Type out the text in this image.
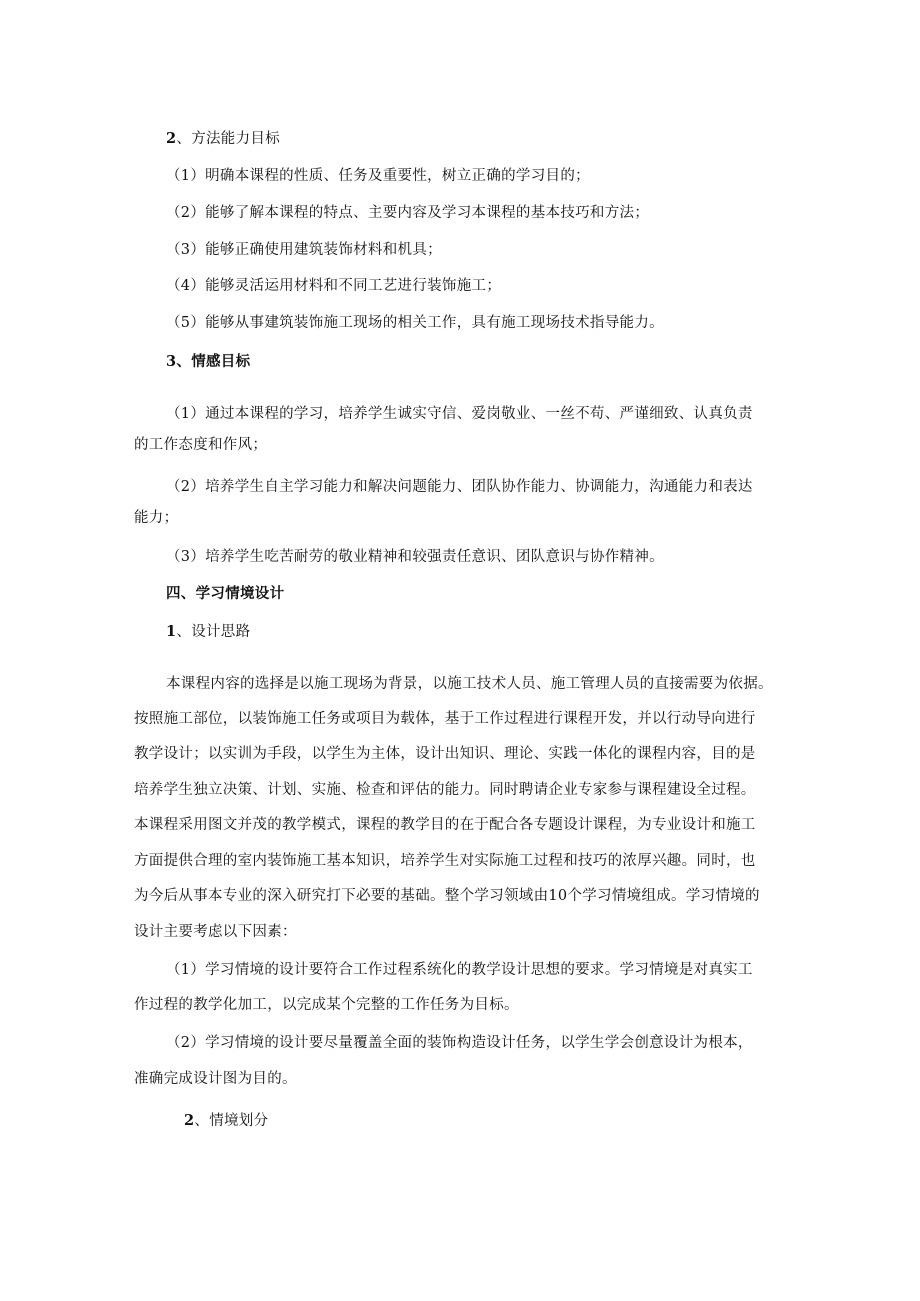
2、方法能力目标
（1）明确本课程的性质、任务及重要性，树立正确的学习目的；
（2）能够了解本课程的特点、主要内容及学习本课程的基本技巧和方法；
（3）能够正确使用建筑装饰材料和机具；
（4）能够灵活运用材料和不同工艺进行装饰施工；
（5）能够从事建筑装饰施工现场的相关工作，具有施工现场技术指导能力。
3、情感目标
（1）通过本课程的学习，培养学生诚实守信、爱岗敬业、一丝不苟、严谨细致、认真负责
的工作态度和作风；
（2）培养学生自主学习能力和解决问题能力、团队协作能力、协调能力，沟通能力和表达
能力；
（3）培养学生吃苦耐劳的敬业精神和较强责任意识、团队意识与协作精神。
四、学习情境设计
1、设计思路
本课程内容的选择是以施工现场为背景，以施工技术人员、施工管理人员的直接需要为依据。
按照施工部位，以装饰施工任务或项目为载体，基于工作过程进行课程开发，并以行动导向进行
教学设计；以实训为手段，以学生为主体，设计出知识、理论、实践一体化的课程内容，目的是
培养学生独立决策、计划、实施、检查和评估的能力。同时聘请企业专家参与课程建设全过程。
本课程采用图文并茂的教学模式，课程的教学目的在于配合各专题设计课程，为专业设计和施工
方面提供合理的室内装饰施工基本知识，培养学生对实际施工过程和技巧的浓厚兴趣。同时，也
为今后从事本专业的深入研究打下必要的基础。整个学习领域由10个学习情境组成。学习情境的
设计主要考虑以下因素：
（1）学习情境的设计要符合工作过程系统化的教学设计思想的要求。学习情境是对真实工
作过程的教学化加工，以完成某个完整的工作任务为目标。
（2）学习情境的设计要尽量覆盖全面的装饰构造设计任务，以学生学会创意设计为根本，
准确完成设计图为目的。
2、情境划分
